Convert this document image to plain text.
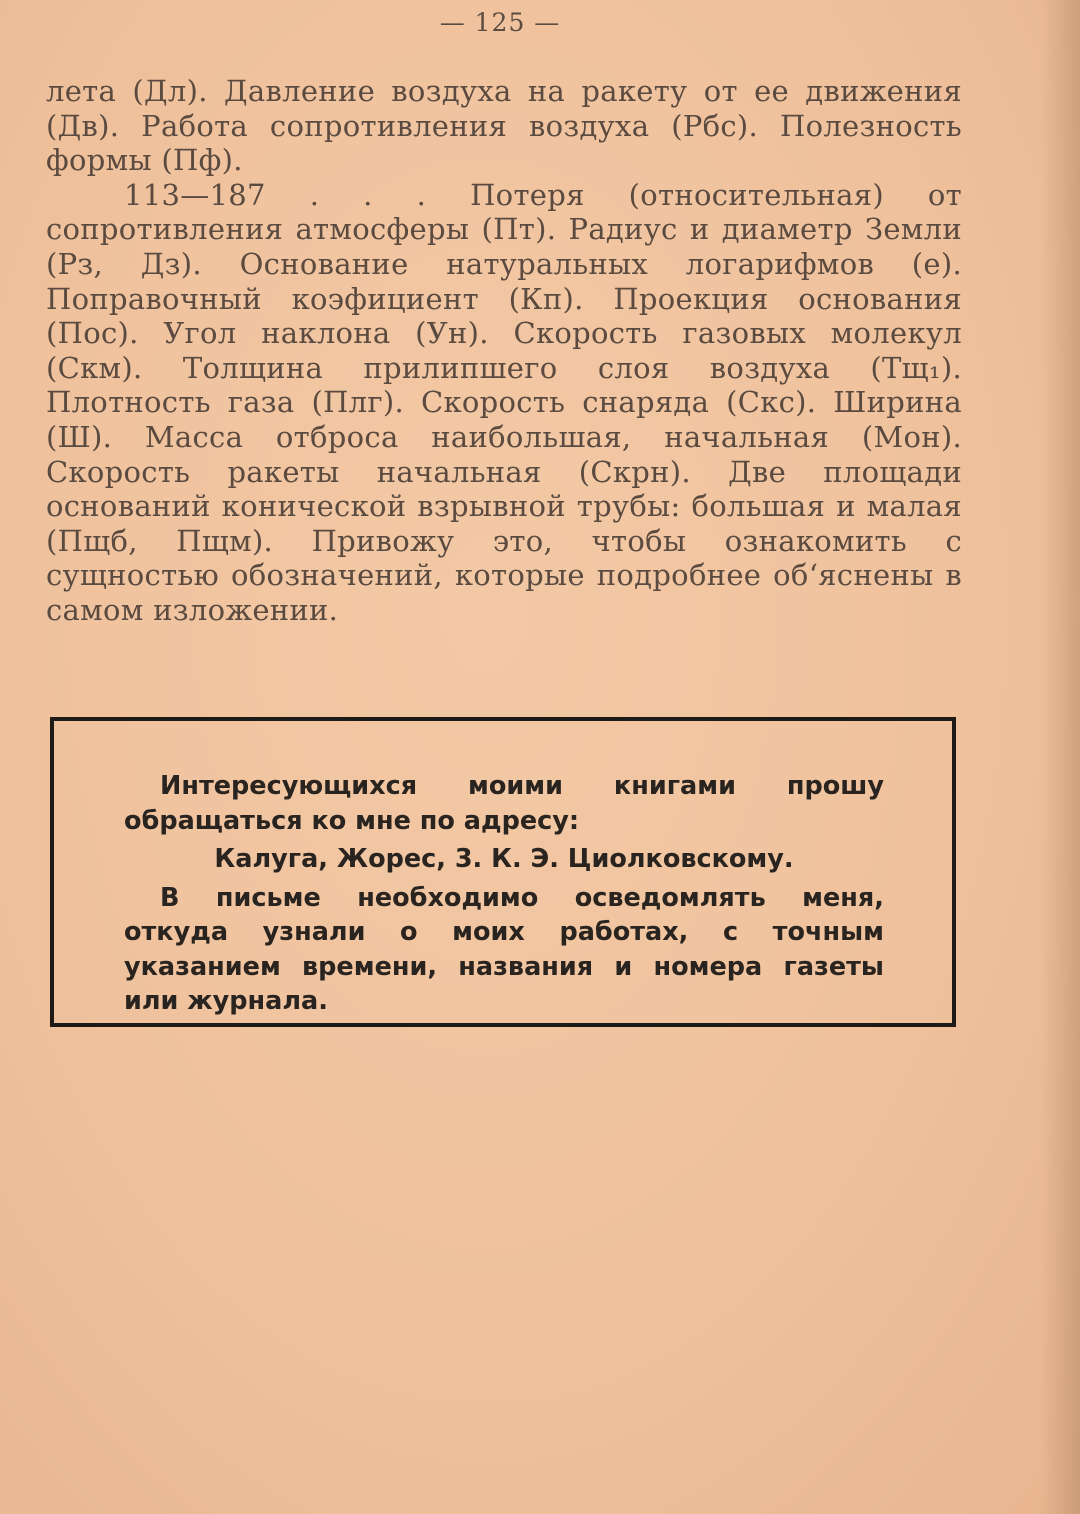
— 125 —

лета (Дл). Давление воздуха на ракету от ее движения (Дв). Работа сопротивления воздуха (Рбс). Полезность формы (Пф).

113—187 . . . Потеря (относительная) от сопротивления атмосферы (Пт). Радиус и диаметр Земли (Рз, Дз). Основание натуральных логарифмов (е). Поправочный коэфициент (Кп). Проекция основания (Пос). Угол наклона (Ун). Скорость газовых молекул (Скм). Толщина прилипшего слоя воздуха (Тщ₁). Плотность газа (Плг). Скорость снаряда (Скс). Ширина (Ш). Масса отброса наибольшая, начальная (Мон). Скорость ракеты начальная (Скрн). Две площади оснований конической взрывной трубы: большая и малая (Пщб, Пщм). Привожу это, чтобы ознакомить с сущностью обозначений, которые подробнее об‘яснены в самом изложении.

Интересующихся моими книгами прошу обращаться ко мне по адресу:

Калуга, Жорес, 3. К. Э. Циолковскому.

В письме необходимо осведомлять меня, откуда узнали о моих работах, с точным указанием времени, названия и номера газеты или журнала.
